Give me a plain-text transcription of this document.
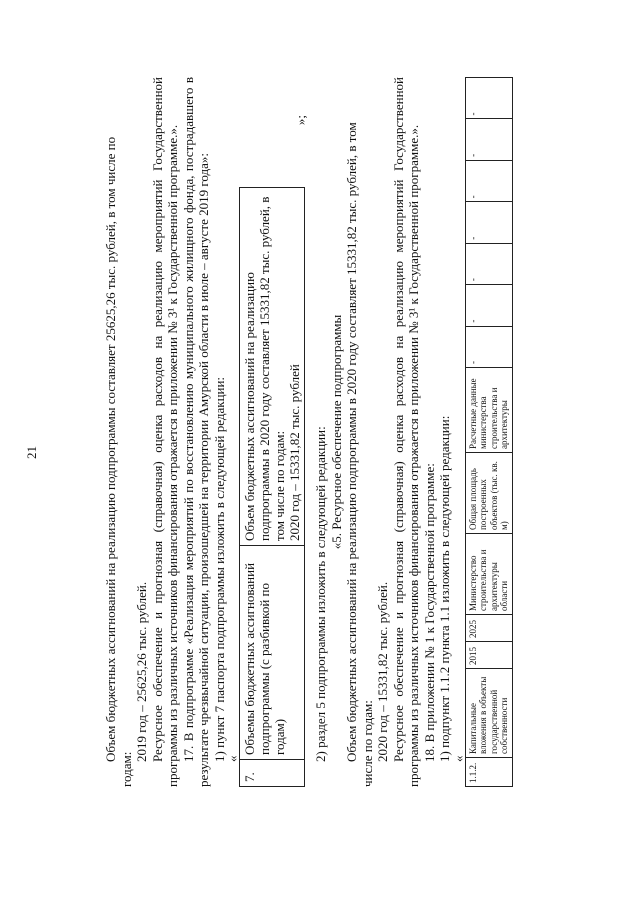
21	Объем бюджетных ассигнований на реализацию подпрограммы составляет 25625,26 тыс. рублей, в том числе по

годам:

2019 год – 25625,26 тыс. рублей. Ресурсное обеспечение и прогнозная (справочная) оценка расходов на реализацию мероприятий Государственной программы из различных источников финансирования отражается в приложении № 3¹ к Государственной программе.». 17. В подпрограмме «Реализация мероприятий по восстановлению муниципального жилищного фонда, пострадавшего в результате чрезвычайной ситуации, произошедшей на территории Амурской области в июле – августе 2019 года»: 1) пункт 7 паспорта подпрограммы изложить в следующей редакции:

«
7.	Объемы бюджетных ассигнований подпрограммы (с разбивкой по годам)	
Объем бюджетных ассигнований на реализацию подпрограммы в 2020 году составляет 15331,82 тыс. рублей, в том числе по годам: 2020 год – 15331,82 тыс. рублей
»;

2) раздел 5 подпрограммы изложить в следующей редакции: «5. Ресурсное обеспечение подпрограммы Объем бюджетных ассигнований на реализацию подпрограммы в 2020 году составляет 15331,82 тыс. рублей, в том числе по годам: 2020 год – 15331,82 тыс. рублей. Ресурсное обеспечение и прогнозная (справочная) оценка расходов на реализацию мероприятий Государственной программы из различных источников финансирования отражается в приложении № 3¹ к Государственной программе.». 18. В приложении № 1 к Государственной программе: 1) подпункт 1.1.2 пункта 1.1 изложить в следующей редакции:

«
1.1.2.	Капитальные вложения в объекты государственной собственности	2015	2025	Министерство строительства и архитектуры области	Общая площадь построенных объектов (тыс. кв. м)	Расчетные данные министерства строительства и архитектуры	-	-	-	-	-	-	-
